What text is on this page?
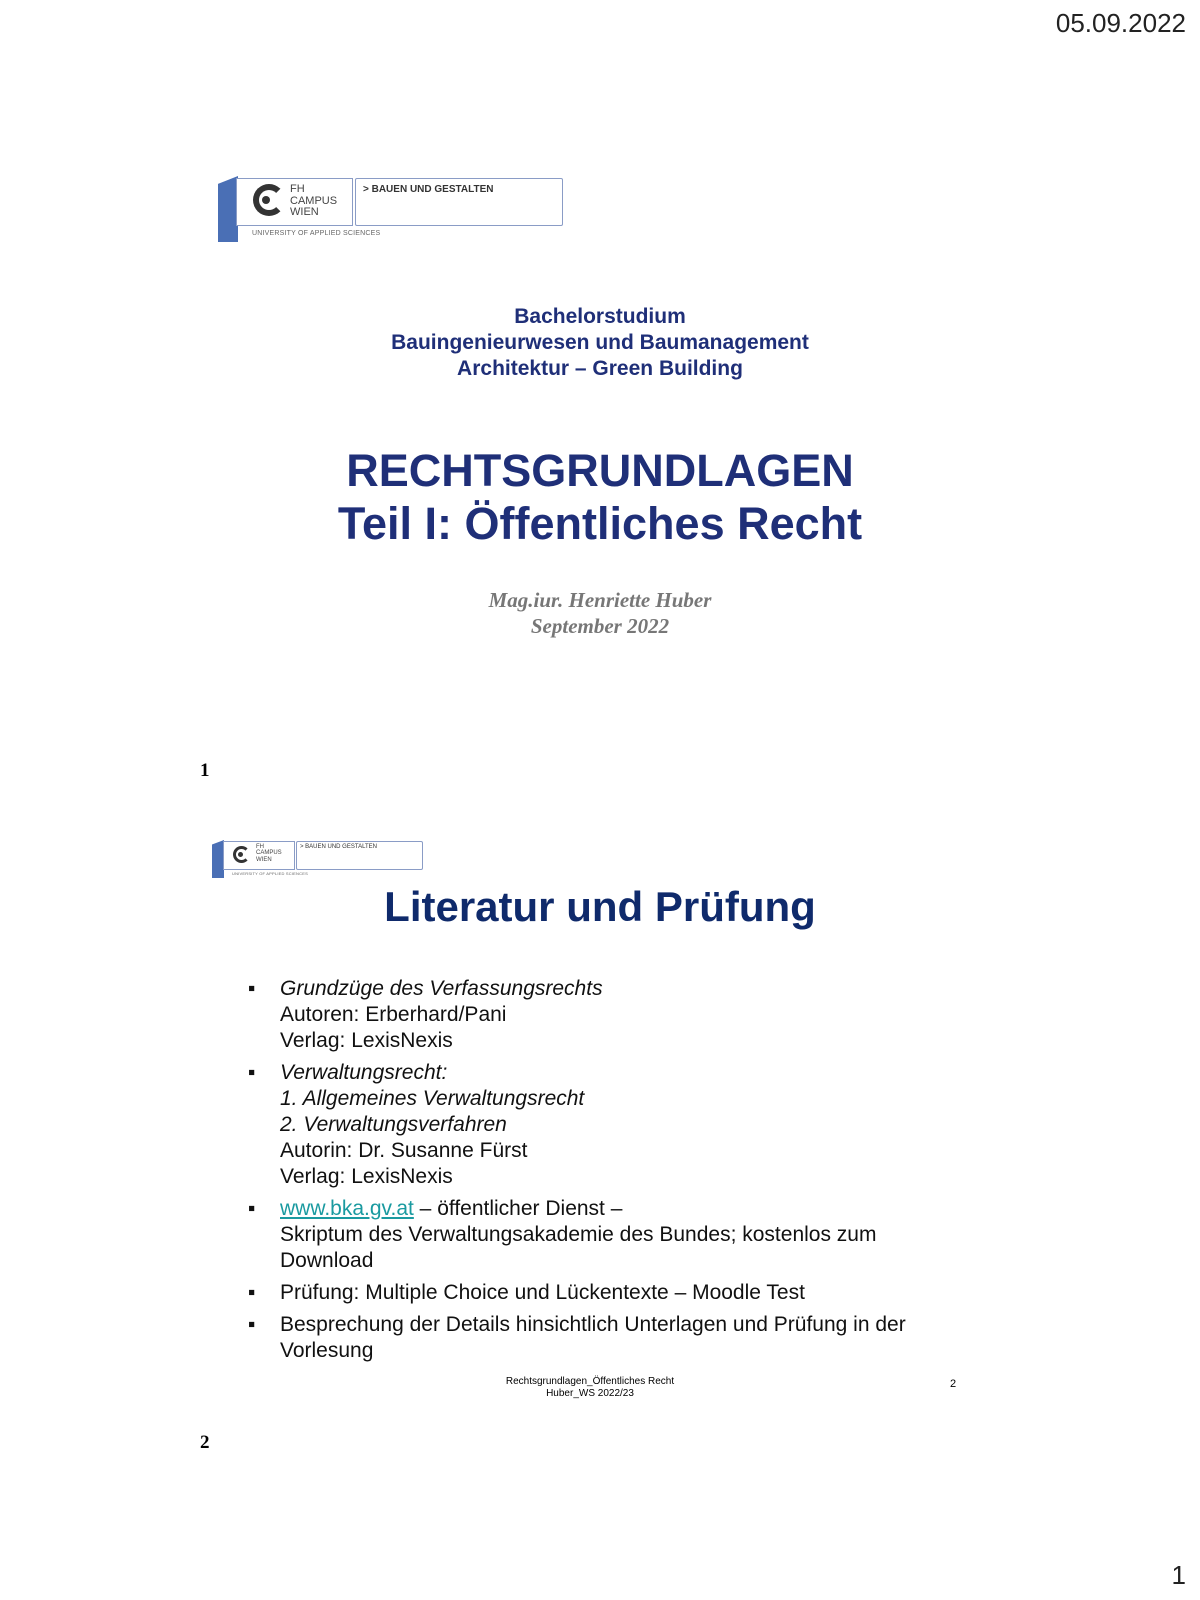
05.09.2022
FH
CAMPUS
WIEN
> BAUEN UND GESTALTEN
UNIVERSITY OF APPLIED SCIENCES
Bachelorstudium
Bauingenieurwesen und Baumanagement
Architektur – Green Building
RECHTSGRUNDLAGEN
Teil I: Öffentliches Recht
Mag.iur. Henriette Huber
September 2022
1
FH
CAMPUS
WIEN
> BAUEN UND GESTALTEN
UNIVERSITY OF APPLIED SCIENCES
Literatur und Prüfung
▪ Grundzüge des Verfassungsrechts
Autoren: Erberhard/Pani
Verlag: LexisNexis
▪ Verwaltungsrecht:
1. Allgemeines Verwaltungsrecht
2. Verwaltungsverfahren
Autorin: Dr. Susanne Fürst
Verlag: LexisNexis
▪ www.bka.gv.at – öffentlicher Dienst –
Skriptum des Verwaltungsakademie des Bundes; kostenlos zum
Download
▪ Prüfung: Multiple Choice und Lückentexte – Moodle Test
▪ Besprechung der Details hinsichtlich Unterlagen und Prüfung in der
Vorlesung
Rechtsgrundlagen_Öffentliches Recht
Huber_WS 2022/23
2
2
1
